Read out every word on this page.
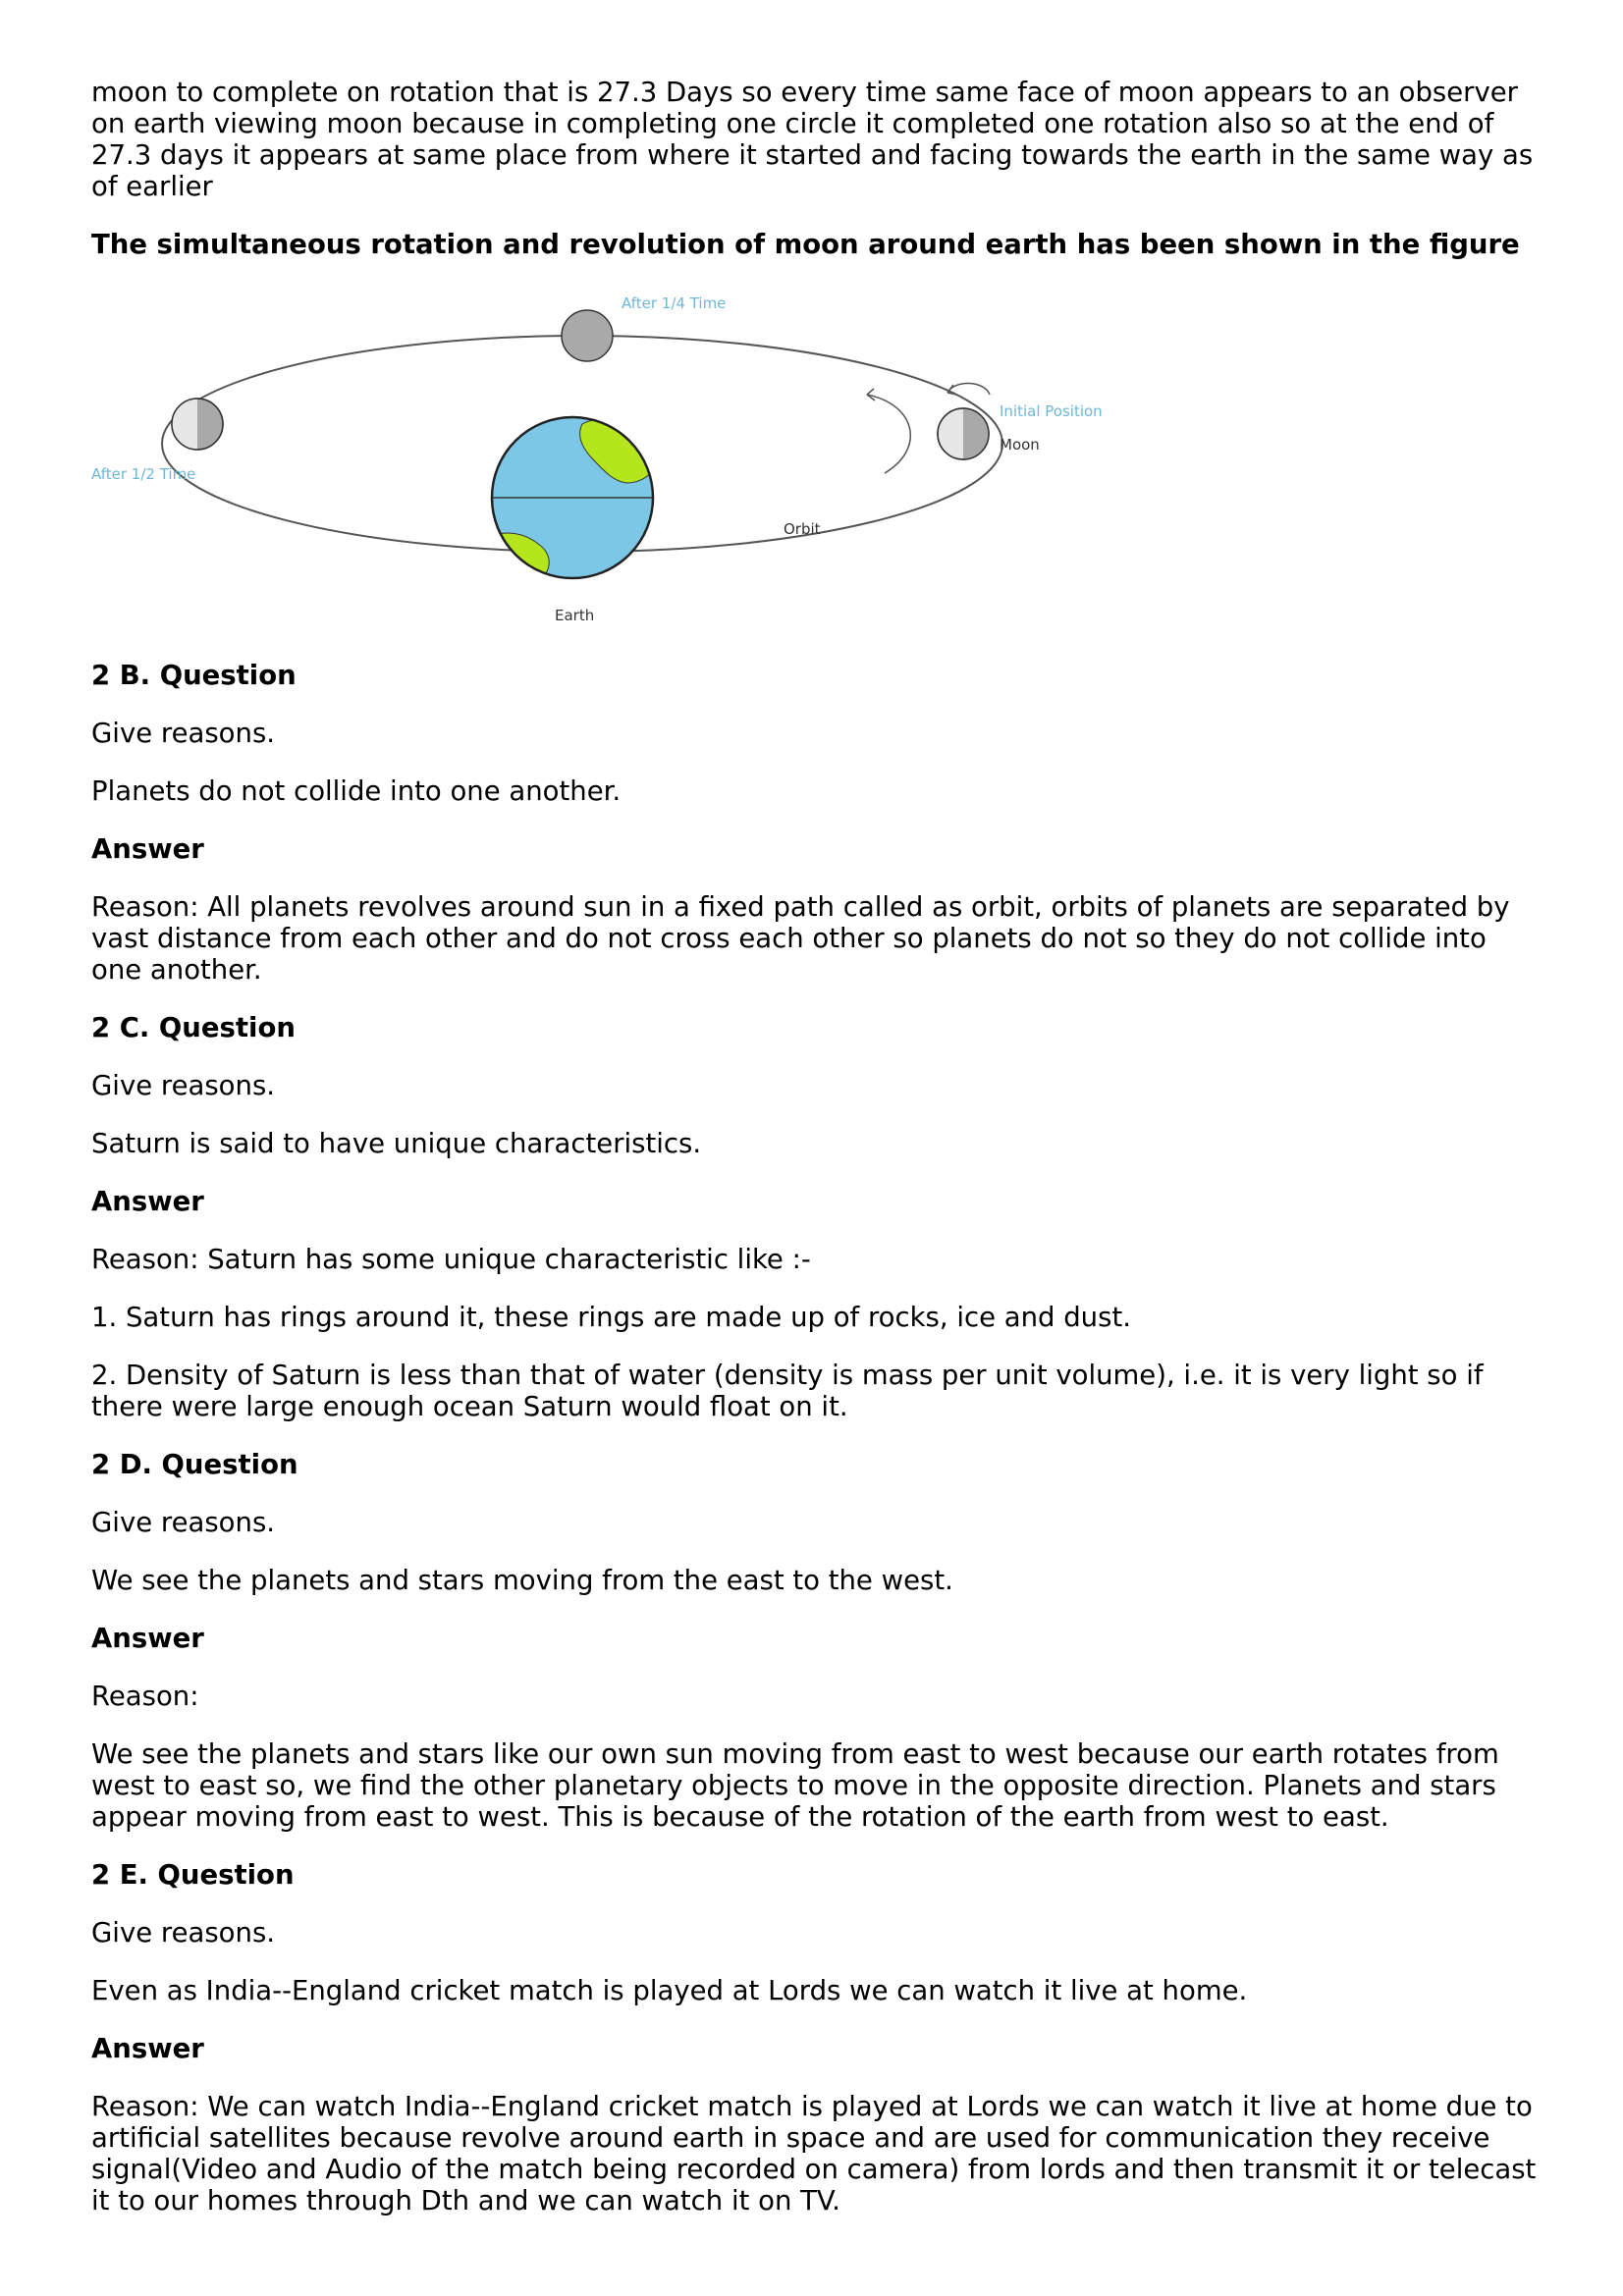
moon to complete on rotation that is 27.3 Days so every time same face of moon appears to an observer on earth viewing moon because in completing one circle it completed one rotation also so at the end of 27.3 days it appears at same place from where it started and facing towards the earth in the same way as of earlier

The simultaneous rotation and revolution of moon around earth has been shown in the figure

After 1/4 Time
After 1/2 Time
Initial Position
Moon
Orbit
Earth

2 B. Question

Give reasons.

Planets do not collide into one another.

Answer

Reason: All planets revolves around sun in a fixed path called as orbit, orbits of planets are separated by vast distance from each other and do not cross each other so planets do not so they do not collide into one another.

2 C. Question

Give reasons.

Saturn is said to have unique characteristics.

Answer

Reason: Saturn has some unique characteristic like :-

1. Saturn has rings around it, these rings are made up of rocks, ice and dust.

2. Density of Saturn is less than that of water (density is mass per unit volume), i.e. it is very light so if there were large enough ocean Saturn would float on it.

2 D. Question

Give reasons.

We see the planets and stars moving from the east to the west.

Answer

Reason:

We see the planets and stars like our own sun moving from east to west because our earth rotates from west to east so, we find the other planetary objects to move in the opposite direction. Planets and stars appear moving from east to west. This is because of the rotation of the earth from west to east.

2 E. Question

Give reasons.

Even as India--England cricket match is played at Lords we can watch it live at home.

Answer

Reason: We can watch India--England cricket match is played at Lords we can watch it live at home due to artificial satellites because revolve around earth in space and are used for communication they receive signal(Video and Audio of the match being recorded on camera) from lords and then transmit it or telecast it to our homes through Dth and we can watch it on TV.
